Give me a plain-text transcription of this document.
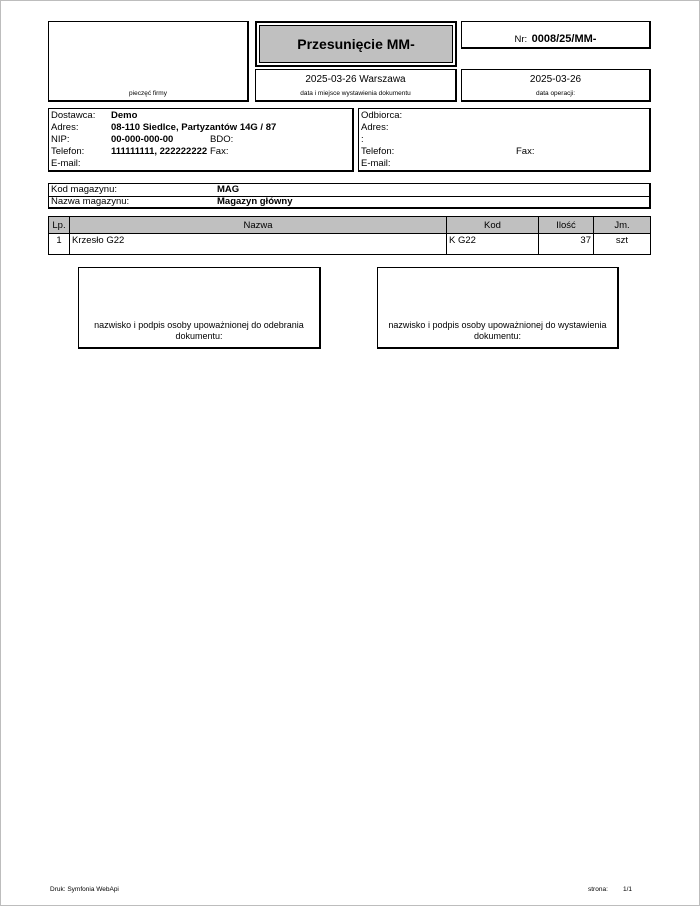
pieczęć firmy
Przesunięcie MM-	Nr: 0008/25/MM-
2025-03-26 Warszawa
data i miejsce wystawienia dokumentu
2025-03-26
data operacji:
Dostawca: Demo
Adres:	08-110 Siedlce, Partyzantów 14G / 87
NIP:	00-000-000-00	BDO:
Telefon:	111111111, 222222222 Fax:
E-mail:
Odbiorca:
Adres:
:
Telefon:	Fax:
E-mail:
Kod magazynu:	MAG
Nazwa magazynu:	Magazyn główny
Lp.	Nazwa	Kod	Ilość	Jm.
1	Krzesło G22	K G22	37	szt
nazwisko i podpis osoby upoważnionej do odebrania dokumentu:
nazwisko i podpis osoby upoważnionej do wystawienia dokumentu:
Druk: Symfonia WebApi	strona: 1/1
